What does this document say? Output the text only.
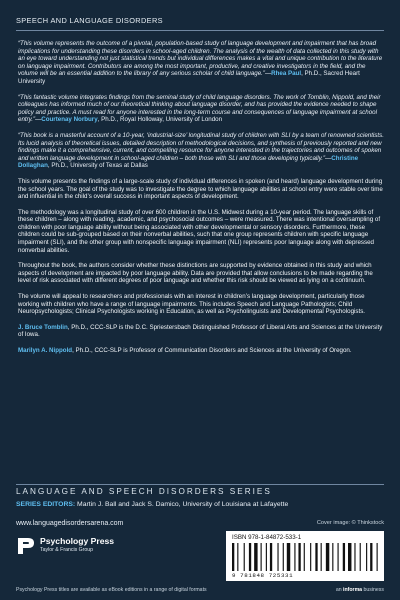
SPEECH AND LANGUAGE DISORDERS

“This volume represents the outcome of a pivotal, population-based study of language development and impairment that has broad implications for understanding these disorders in school-aged children. The analysis of the wealth of data collected in this study with an eye toward understanding not just statistical trends but individual differences makes a vital and unique contribution to the literature on language impairment. Contributors are among the most important, productive, and creative investigators in the field, and the volume will be an essential addition to the library of any serious scholar of child language.”—Rhea Paul, Ph.D., Sacred Heart University

“This fantastic volume integrates findings from the seminal study of child language disorders. The work of Tomblin, Nippold, and their colleagues has informed much of our theoretical thinking about language disorder, and has provided the evidence needed to shape policy and practice. A must read for anyone interested in the long-term course and consequences of language impairment at school entry.”—Courtenay Norbury, Ph.D., Royal Holloway, University of London

“This book is a masterful account of a 10-year, ‘industrial-size’ longitudinal study of children with SLI by a team of renowned scientists. Its lucid analysis of theoretical issues, detailed description of methodological decisions, and synthesis of previously reported and new findings make it a comprehensive, current, and compelling resource for anyone interested in the trajectories and outcomes of spoken and written language development in school-aged children – both those with SLI and those developing typically.”—Christine Dollaghan, Ph.D., University of Texas at Dallas

This volume presents the findings of a large-scale study of individual differences in spoken (and heard) language development during the school years. The goal of the study was to investigate the degree to which language abilities at school entry were stable over time and influential in the child’s overall success in important aspects of development.

The methodology was a longitudinal study of over 600 children in the U.S. Midwest during a 10-year period. The language skills of these children – along with reading, academic, and psychosocial outcomes – were measured. There was intentional oversampling of children with poor language ability without being associated with other developmental or sensory disorders. Furthermore, these children could be sub-grouped based on their nonverbal abilities, such that one group represents children with specific language impairment (SLI), and the other group with nonspecific language impairment (NLI) represents poor language along with depressed nonverbal abilities.

Throughout the book, the authors consider whether these distinctions are supported by evidence obtained in this study and which aspects of development are impacted by poor language ability. Data are provided that allow conclusions to be made regarding the level of risk associated with different degrees of poor language and whether this risk should be viewed as lying on a continuum.

The volume will appeal to researchers and professionals with an interest in children’s language development, particularly those working with children who have a range of language impairments. This includes Speech and Language Pathologists; Child Neuropsychologists; Clinical Psychologists working in Education, as well as Psycholinguists and Developmental Psychologists.

J. Bruce Tomblin, Ph.D., CCC-SLP is the D.C. Spriestersbach Distinguished Professor of Liberal Arts and Sciences at the University of Iowa.

Marilyn A. Nippold, Ph.D., CCC-SLP is Professor of Communication Disorders and Sciences at the University of Oregon.

LANGUAGE AND SPEECH DISORDERS SERIES
SERIES EDITORS: Martin J. Ball and Jack S. Damico, University of Louisiana at Lafayette
www.languagedisordersarena.com	Cover image: © Thinkstock
Psychology Press
Taylor & Francis Group
ISBN 978-1-84872-533-1
9 781848 725331
Psychology Press titles are available as eBook editions in a range of digital formats	an informa business
